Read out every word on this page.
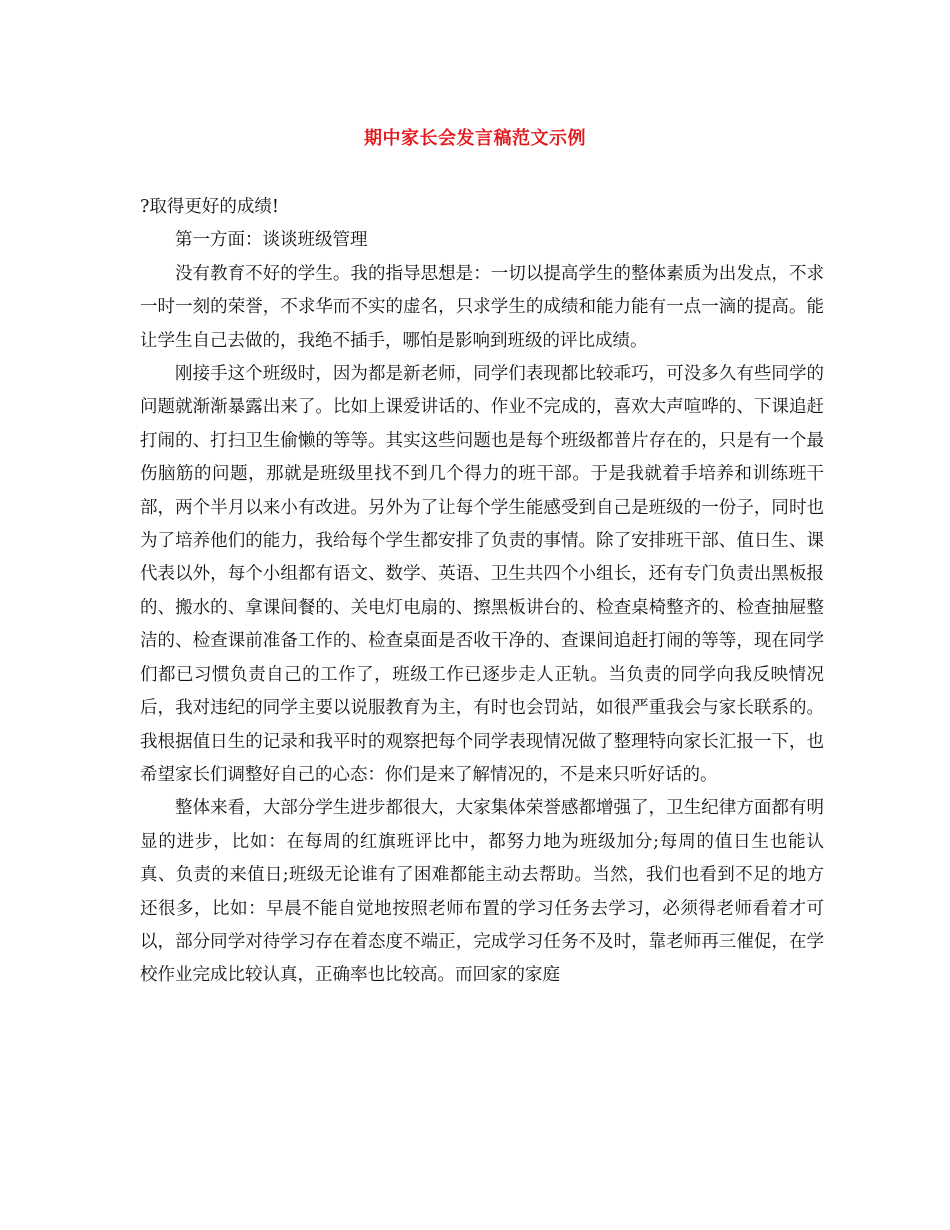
期中家长会发言稿范文示例

?取得更好的成绩!

第一方面：谈谈班级管理

没有教育不好的学生。我的指导思想是：一切以提高学生的整体素质为出发点，不求一时一刻的荣誉，不求华而不实的虚名，只求学生的成绩和能力能有一点一滴的提高。能让学生自己去做的，我绝不插手，哪怕是影响到班级的评比成绩。

刚接手这个班级时，因为都是新老师，同学们表现都比较乖巧，可没多久有些同学的问题就渐渐暴露出来了。比如上课爱讲话的、作业不完成的，喜欢大声喧哗的、下课追赶打闹的、打扫卫生偷懒的等等。其实这些问题也是每个班级都普片存在的，只是有一个最伤脑筋的问题，那就是班级里找不到几个得力的班干部。于是我就着手培养和训练班干部，两个半月以来小有改进。另外为了让每个学生能感受到自己是班级的一份子，同时也为了培养他们的能力，我给每个学生都安排了负责的事情。除了安排班干部、值日生、课代表以外，每个小组都有语文、数学、英语、卫生共四个小组长，还有专门负责出黑板报的、搬水的、拿课间餐的、关电灯电扇的、擦黑板讲台的、检查桌椅整齐的、检查抽屉整洁的、检查课前准备工作的、检查桌面是否收干净的、查课间追赶打闹的等等，现在同学们都已习惯负责自己的工作了，班级工作已逐步走人正轨。当负责的同学向我反映情况后，我对违纪的同学主要以说服教育为主，有时也会罚站，如很严重我会与家长联系的。我根据值日生的记录和我平时的观察把每个同学表现情况做了整理特向家长汇报一下，也希望家长们调整好自己的心态：你们是来了解情况的，不是来只听好话的。

整体来看，大部分学生进步都很大，大家集体荣誉感都增强了，卫生纪律方面都有明显的进步，比如：在每周的红旗班评比中，都努力地为班级加分;每周的值日生也能认真、负责的来值日;班级无论谁有了困难都能主动去帮助。当然，我们也看到不足的地方还很多，比如：早晨不能自觉地按照老师布置的学习任务去学习，必须得老师看着才可以，部分同学对待学习存在着态度不端正，完成学习任务不及时，靠老师再三催促，在学校作业完成比较认真，正确率也比较高。而回家的家庭
